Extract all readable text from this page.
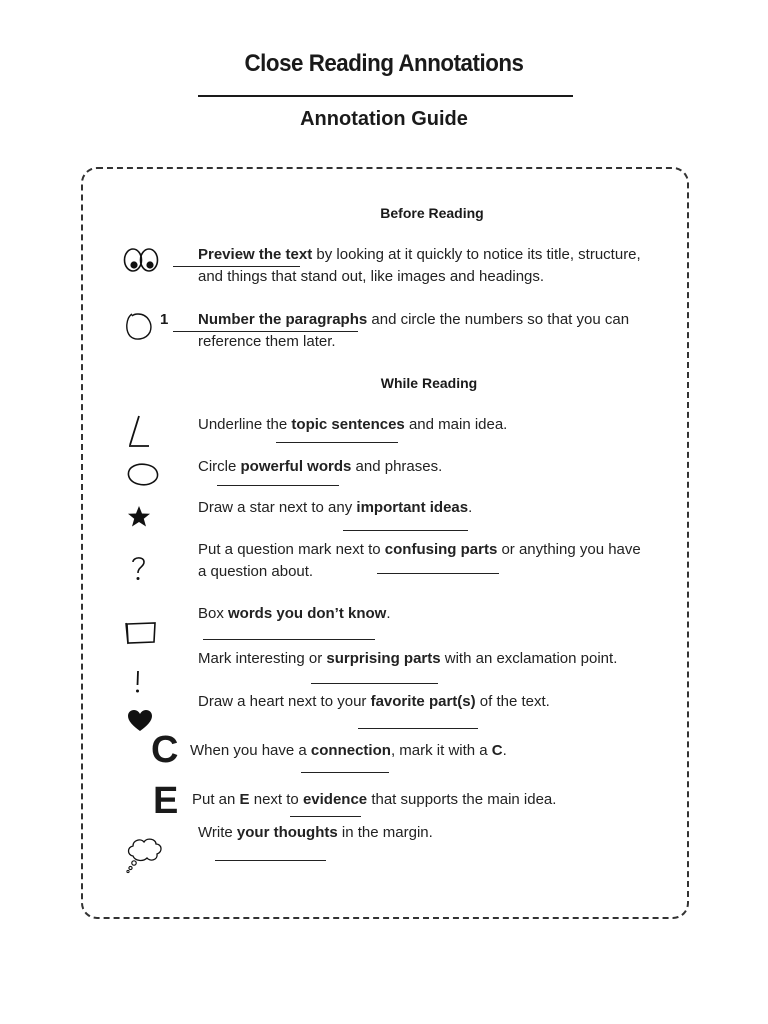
Close Reading Annotations
Annotation Guide
Before Reading
Preview the text by looking at it quickly to notice its title, structure, and things that stand out, like images and headings.
1 Number the paragraphs and circle the numbers so that you can reference them later.
While Reading
Underline the topic sentences and main idea.
Circle powerful words and phrases.
Draw a star next to any important ideas.
Put a question mark next to confusing parts or anything you have a question about.
Box words you don’t know.
Mark interesting or surprising parts with an exclamation point.
Draw a heart next to your favorite part(s) of the text.
C When you have a connection, mark it with a C.
E Put an E next to evidence that supports the main idea.
Write your thoughts in the margin.
